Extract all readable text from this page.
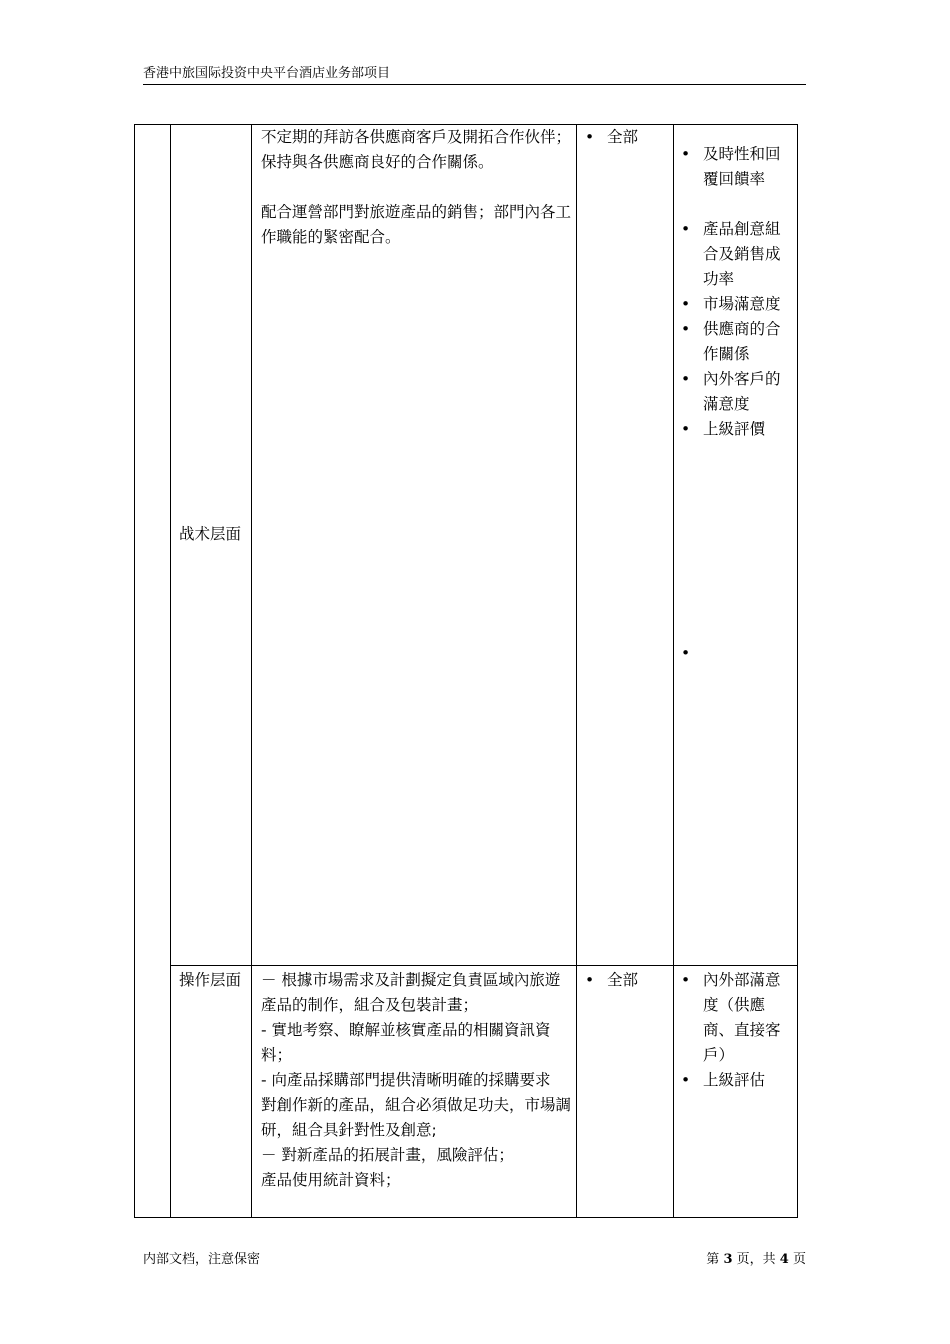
香港中旅国际投资中央平台酒店业务部项目
战术层面

不定期的拜訪各供應商客戶及開拓合作伙伴；

保持與各供應商良好的合作關係。

配合運營部門對旅遊產品的銷售；部門內各工作職能的緊密配合。

• 全部
• 及時性和回覆回饋率
• 產品創意組合及銷售成功率
• 市場滿意度
• 供應商的合作關係
• 內外客戶的滿意度
• 上級評價
•
操作层面 － 根據市場需求及計劃擬定負責區域內旅遊產品的制作，組合及包裝計畫；

- 實地考察、瞭解並核實產品的相關資訊資料；

- 向產品採購部門提供清晰明確的採購要求

對創作新的產品，組合必須做足功夫，市場調研，組合具針對性及創意;

－ 對新產品的拓展計畫，風險評估；

產品使用統計資料；

• 全部	• 內外部滿意度（供應商、直接客戶）
• 上級評估
内部文档，注意保密	第 3 页，共 4 页
